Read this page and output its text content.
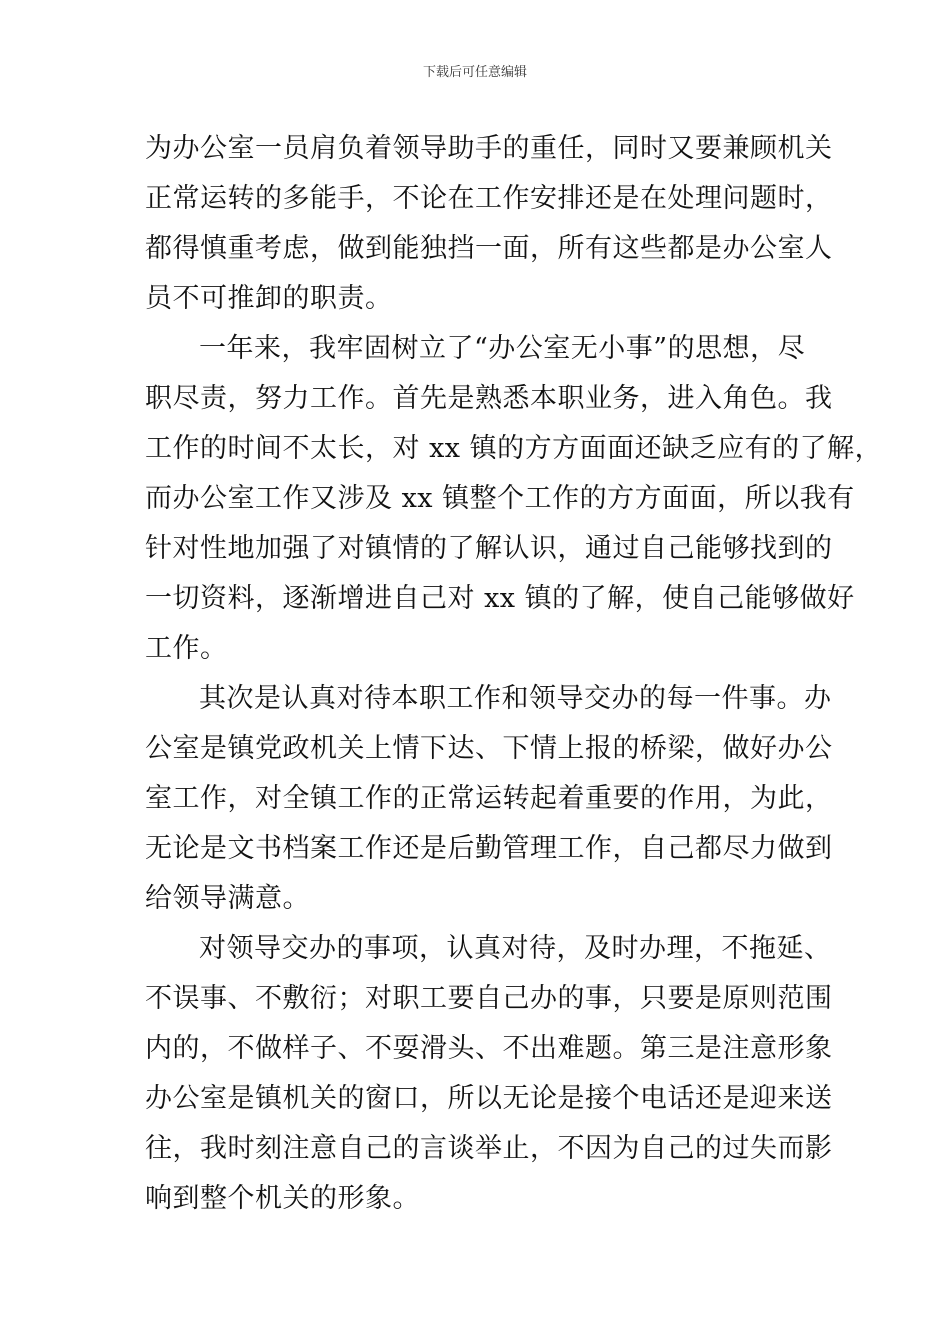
下载后可任意编辑
为办公室一员肩负着领导助手的重任，同时又要兼顾机关
正常运转的多能手，不论在工作安排还是在处理问题时，
都得慎重考虑，做到能独挡一面，所有这些都是办公室人
员不可推卸的职责。
一年来，我牢固树立了“办公室无小事”的思想，尽
职尽责，努力工作。首先是熟悉本职业务，进入角色。我
工作的时间不太长，对 xx 镇的方方面面还缺乏应有的了解，
而办公室工作又涉及 xx 镇整个工作的方方面面，所以我有
针对性地加强了对镇情的了解认识，通过自己能够找到的
一切资料，逐渐增进自己对 xx 镇的了解，使自己能够做好
工作。
其次是认真对待本职工作和领导交办的每一件事。办
公室是镇党政机关上情下达、下情上报的桥梁，做好办公
室工作，对全镇工作的正常运转起着重要的作用，为此，
无论是文书档案工作还是后勤管理工作，自己都尽力做到
给领导满意。
对领导交办的事项，认真对待，及时办理，不拖延、
不误事、不敷衍；对职工要自己办的事，只要是原则范围
内的，不做样子、不耍滑头、不出难题。第三是注意形象
办公室是镇机关的窗口，所以无论是接个电话还是迎来送
往，我时刻注意自己的言谈举止，不因为自己的过失而影
响到整个机关的形象。
